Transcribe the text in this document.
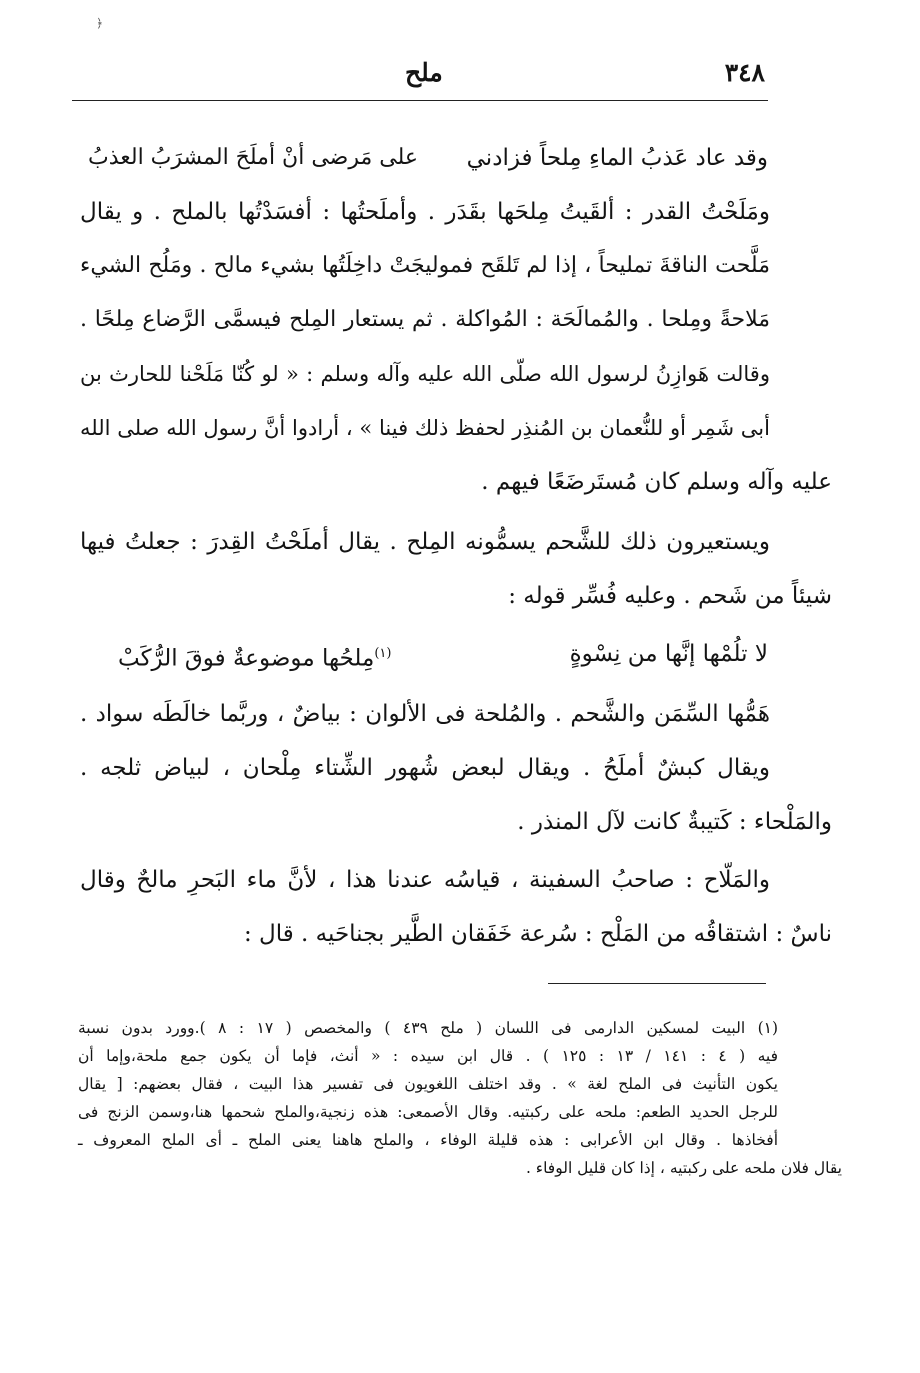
﴿
٣٤٨
ملح
وقد عاد عَذبُ الماءِ مِلحاً فزادني
على مَرضى أنْ أملَحَ المشرَبُ العذبُ
ومَلَحْتُ القدر : ألقَيتُ مِلحَها بقَدَر . وأملَحتُها : أفسَدْتُها بالملح . و يقال
مَلَّحت الناقةَ تمليحاً ، إذا لم تَلقَح فموليجَتْ داخِلَتُها بشيء مالح . ومَلُح الشيء
مَلاحةً ومِلحا . والمُمالَحَة : المُواكلة . ثم يستعار المِلح فيسمَّى الرَّضاع مِلحًا .
وقالت هَوازِنُ لرسول الله صلّى الله عليه وآله وسلم : « لو كُنّا مَلَحْنا للحارث بن
أبى شَمِر أو للنُّعمان بن المُنذِر لحفظ ذلك فينا » ، أرادوا أنَّ رسول الله صلى الله
عليه وآله وسلم كان مُستَرضَعًا فيهم .
ويستعيرون ذلك للشَّحم يسمُّونه المِلح . يقال أملَحْتُ القِدرَ : جعلتُ فيها
شيئاً من شَحم . وعليه فُسِّر قوله :
لا تلُمْها إنَّها من نِسْوةٍ
$^{(١)}$مِلحُها موضوعةٌ فوقَ الرُّكَبْ
هَمُّها السِّمَن والشَّحم . والمُلحة فى الألوان : بياضٌ ، وربَّما خالَطَه سواد .
ويقال كبشٌ أملَحُ . ويقال لبعض شُهور الشِّتاء مِلْحان ، لبياض ثلجه .
والمَلْحاء : كَتيبةٌ كانت لآل المنذر .
والمَلّاح : صاحبُ السفينة ، قياسُه عندنا هذا ، لأنَّ ماء البَحرِ مالحٌ وقال
ناسٌ : اشتقاقُه من المَلْح : سُرعة خَفَقان الطَّير بجناحَيه . قال :
(١) البيت لمسكين الدارمى فى اللسان ( ملح ٤٣٩ ) والمخصص ( ١٧ : ٨ ).وورد بدون نسبة
فيه ( ٤ : ١٤١ / ١٣ : ١٢٥ ) . قال ابن سيده : « أنث، فإما أن يكون جمع ملحة،وإما أن
يكون التأنيث فى الملح لغة » . وقد اختلف اللغويون فى تفسير هذا البيت ، فقال بعضهم: [ يقال
للرجل الحديد الطعم: ملحه على ركبتيه. وقال الأصمعى: هذه زنجية،والملح شحمها هنا،وسمن الزنج فى
أفخاذها . وقال ابن الأعرابى : هذه قليلة الوفاء ، والملح هاهنا يعنى الملح ـ أى الملح المعروف ـ
يقال فلان ملحه على ركبتيه ، إذا كان قليل الوفاء .
